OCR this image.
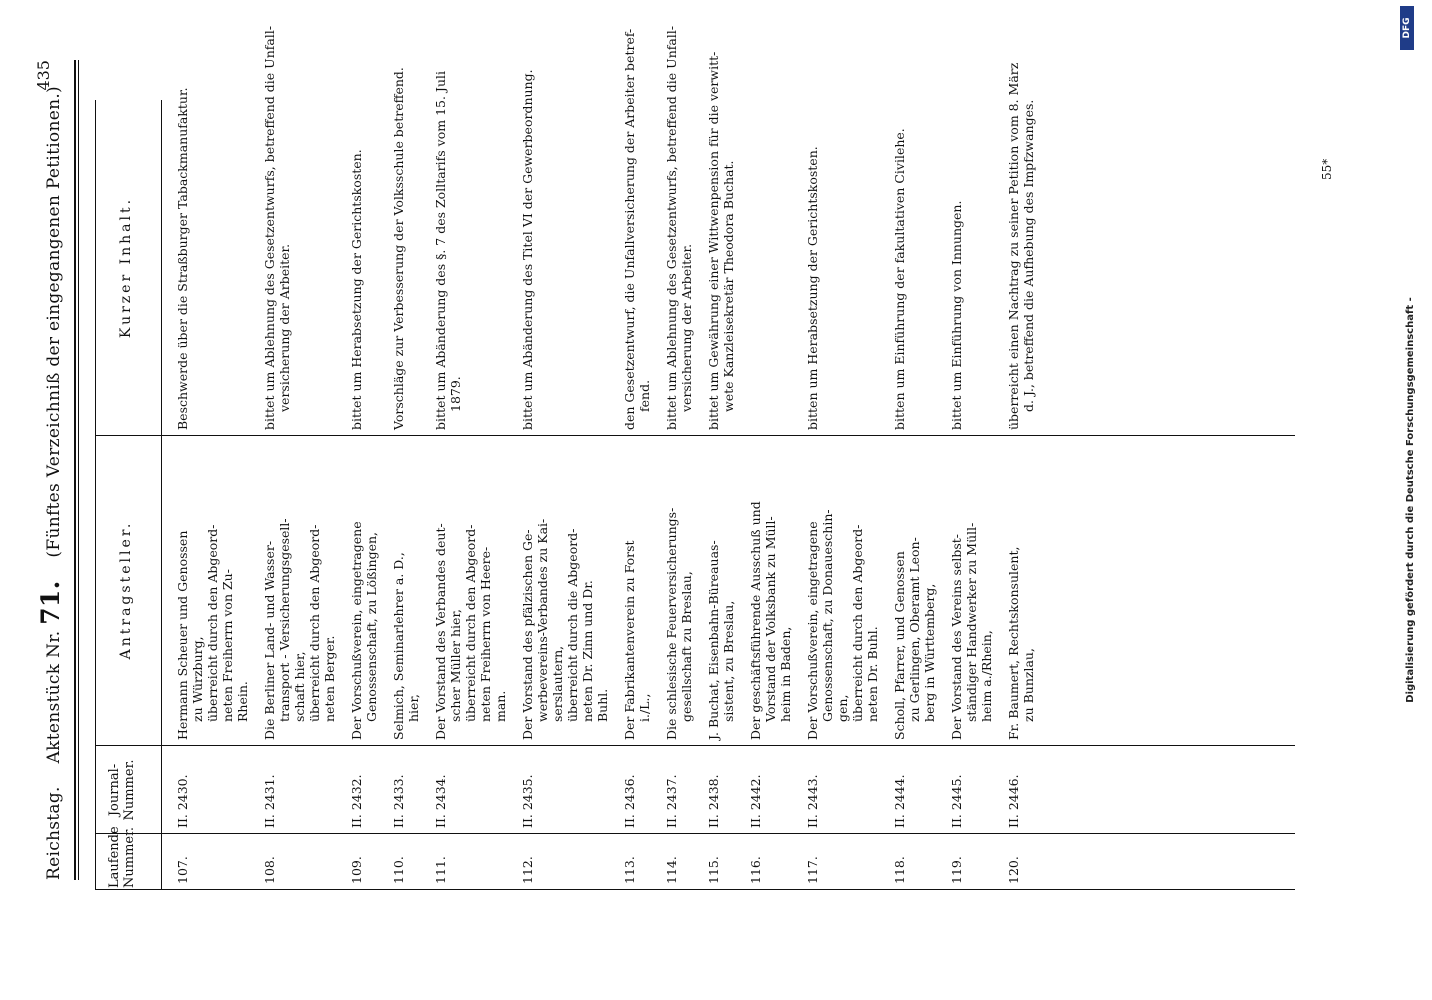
Reichstag.    Aktenstück Nr. 71.    (Fünftes Verzeichniß der eingegangenen Petitionen.)
435
Laufende Nummer.
Journal-Nummer.
Antragsteller.
Kurzer Inhalt.
107.
II. 2430.
Hermann Scheuer und Genossen zu Würzburg, überreicht durch den Abgeord- neten Freiherrn von Zu- Rhein.
Beschwerde über die Straßburger Tabackmanufaktur.
108.
II. 2431.
Die Berliner Land- und Wasser- transport - Versicherungsgesell- schaft hier, überreicht durch den Abgeord- neten Berger.
bittet um Ablehnung des Gesetzentwurfs, betreffend die Unfall- versicherung der Arbeiter.
109.
II. 2432.
Der Vorschußverein, eingetragene Genossenschaft, zu Lößingen,
bittet um Herabsetzung der Gerichtskosten.
110.
II. 2433.
Selmich, Seminarlehrer a. D., hier,
Vorschläge zur Verbesserung der Volksschule betreffend.
111.
II. 2434.
Der Vorstand des Verbandes deut- scher Müller hier, überreicht durch den Abgeord- neten Freiherrn von Heere- man.
bittet um Abänderung des §. 7 des Zolltarifs vom 15. Juli 1879.
112.
II. 2435.
Der Vorstand des pfälzischen Ge- werbevereins-Verbandes zu Kai- serslautern, überreicht durch die Abgeord- neten Dr. Zinn und Dr. Buhl.
bittet um Abänderung des Titel VI der Gewerbeordnung.
113.
II. 2436.
Der Fabrikantenverein zu Forst i./L.,
den Gesetzentwurf, die Unfallversicherung der Arbeiter betref- fend.
114.
II. 2437.
Die schlesische Feuerversicherungs- gesellschaft zu Breslau,
bittet um Ablehnung des Gesetzentwurfs, betreffend die Unfall- versicherung der Arbeiter.
115.
II. 2438.
J. Buchat, Eisenbahn-Büreauas- sistent, zu Breslau,
bittet um Gewährung einer Wittwenpension für die verwitt- wete Kanzleisekretär Theodora Buchat.
116.
II. 2442.
Der geschäftsführende Ausschuß und Vorstand der Volksbank zu Müll- heim in Baden,
117.
II. 2443.
Der Vorschußverein, eingetragene Genossenschaft, zu Donaueschin- gen, überreicht durch den Abgeord- neten Dr. Buhl.
bitten um Herabsetzung der Gerichtskosten.
118.
II. 2444.
Scholl, Pfarrer, und Genossen zu Gerlingen, Oberamt Leon- berg in Württemberg,
bitten um Einführung der fakultativen Civilehe.
119.
II. 2445.
Der Vorstand des Vereins selbst- ständiger Handwerker zu Müll- heim a./Rhein,
bittet um Einführung von Innungen.
120.
II. 2446.
Fr. Baumert, Rechtskonsulent, zu Bunzlau,
überreicht einen Nachtrag zu seiner Petition vom 8. März d. J., betreffend die Aufhebung des Impfzwanges.	55*
Digitalisierung gefördert durch die Deutsche Forschungsgemeinschaft -
DFG
